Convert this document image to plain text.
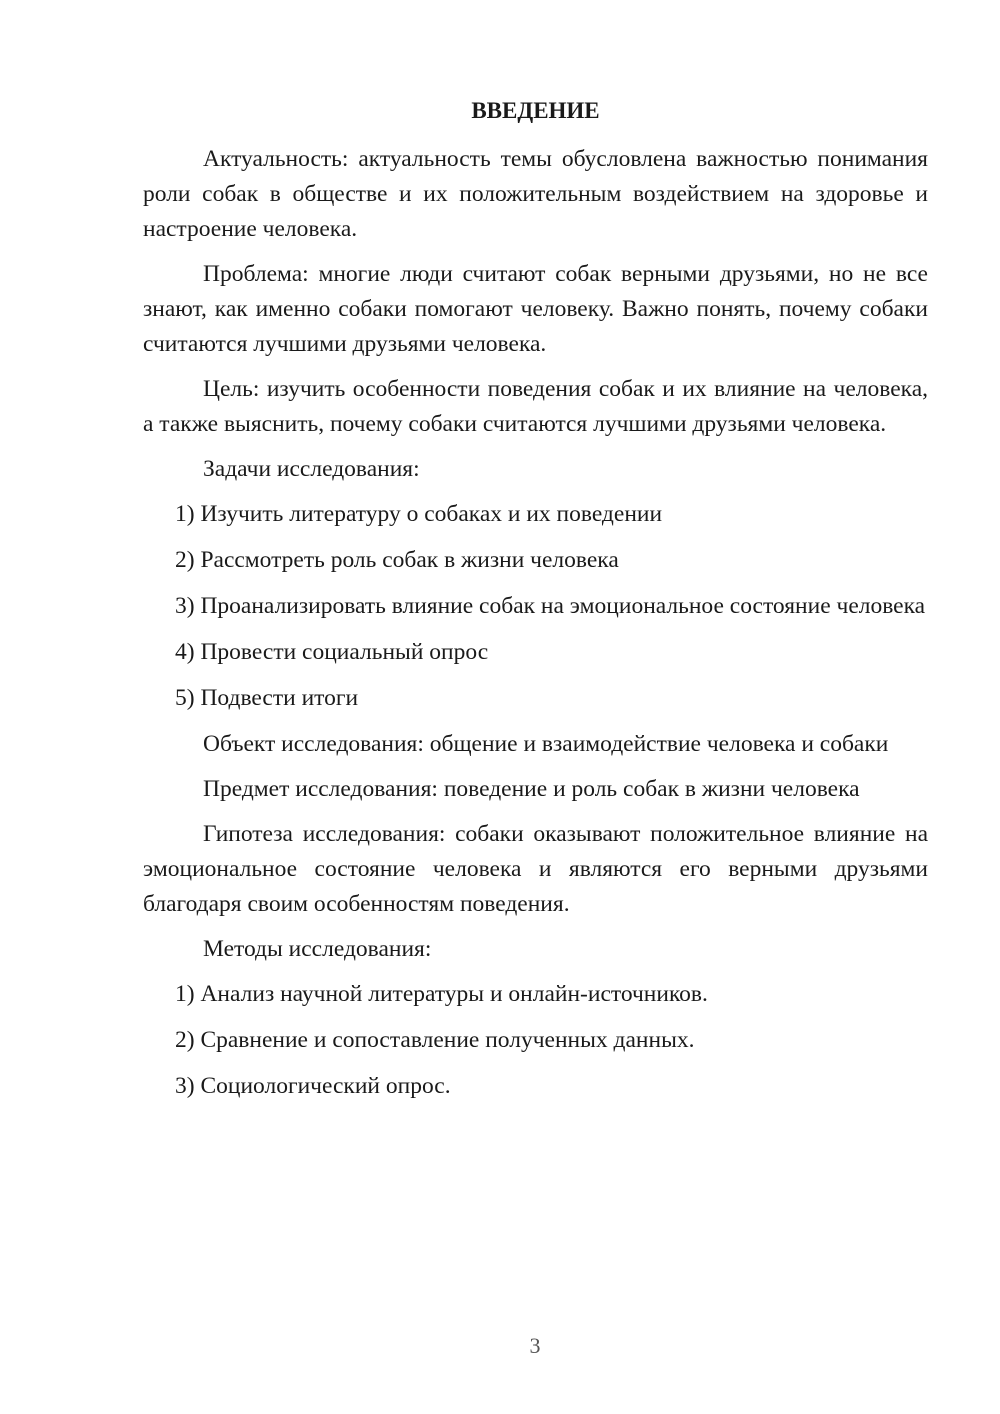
ВВЕДЕНИЕ

Актуальность: актуальность темы обусловлена важностью понимания роли собак в обществе и их положительным воздействием на здоровье и настроение человека.

Проблема: многие люди считают собак верными друзьями, но не все знают, как именно собаки помогают человеку. Важно понять, почему собаки считаются лучшими друзьями человека.

Цель: изучить особенности поведения собак и их влияние на человека, а также выяснить, почему собаки считаются лучшими друзьями человека.

Задачи исследования:

1) Изучить литературу о собаках и их поведении

2) Рассмотреть роль собак в жизни человека

3) Проанализировать влияние собак на эмоциональное состояние человека

4) Провести социальный опрос

5) Подвести итоги

Объект исследования: общение и взаимодействие человека и собаки

Предмет исследования: поведение и роль собак в жизни человека

Гипотеза исследования: собаки оказывают положительное влияние на эмоциональное состояние человека и являются его верными друзьями благодаря своим особенностям поведения.

Методы исследования:

1) Анализ научной литературы и онлайн-источников.

2) Сравнение и сопоставление полученных данных.

3) Социологический опрос.

3
